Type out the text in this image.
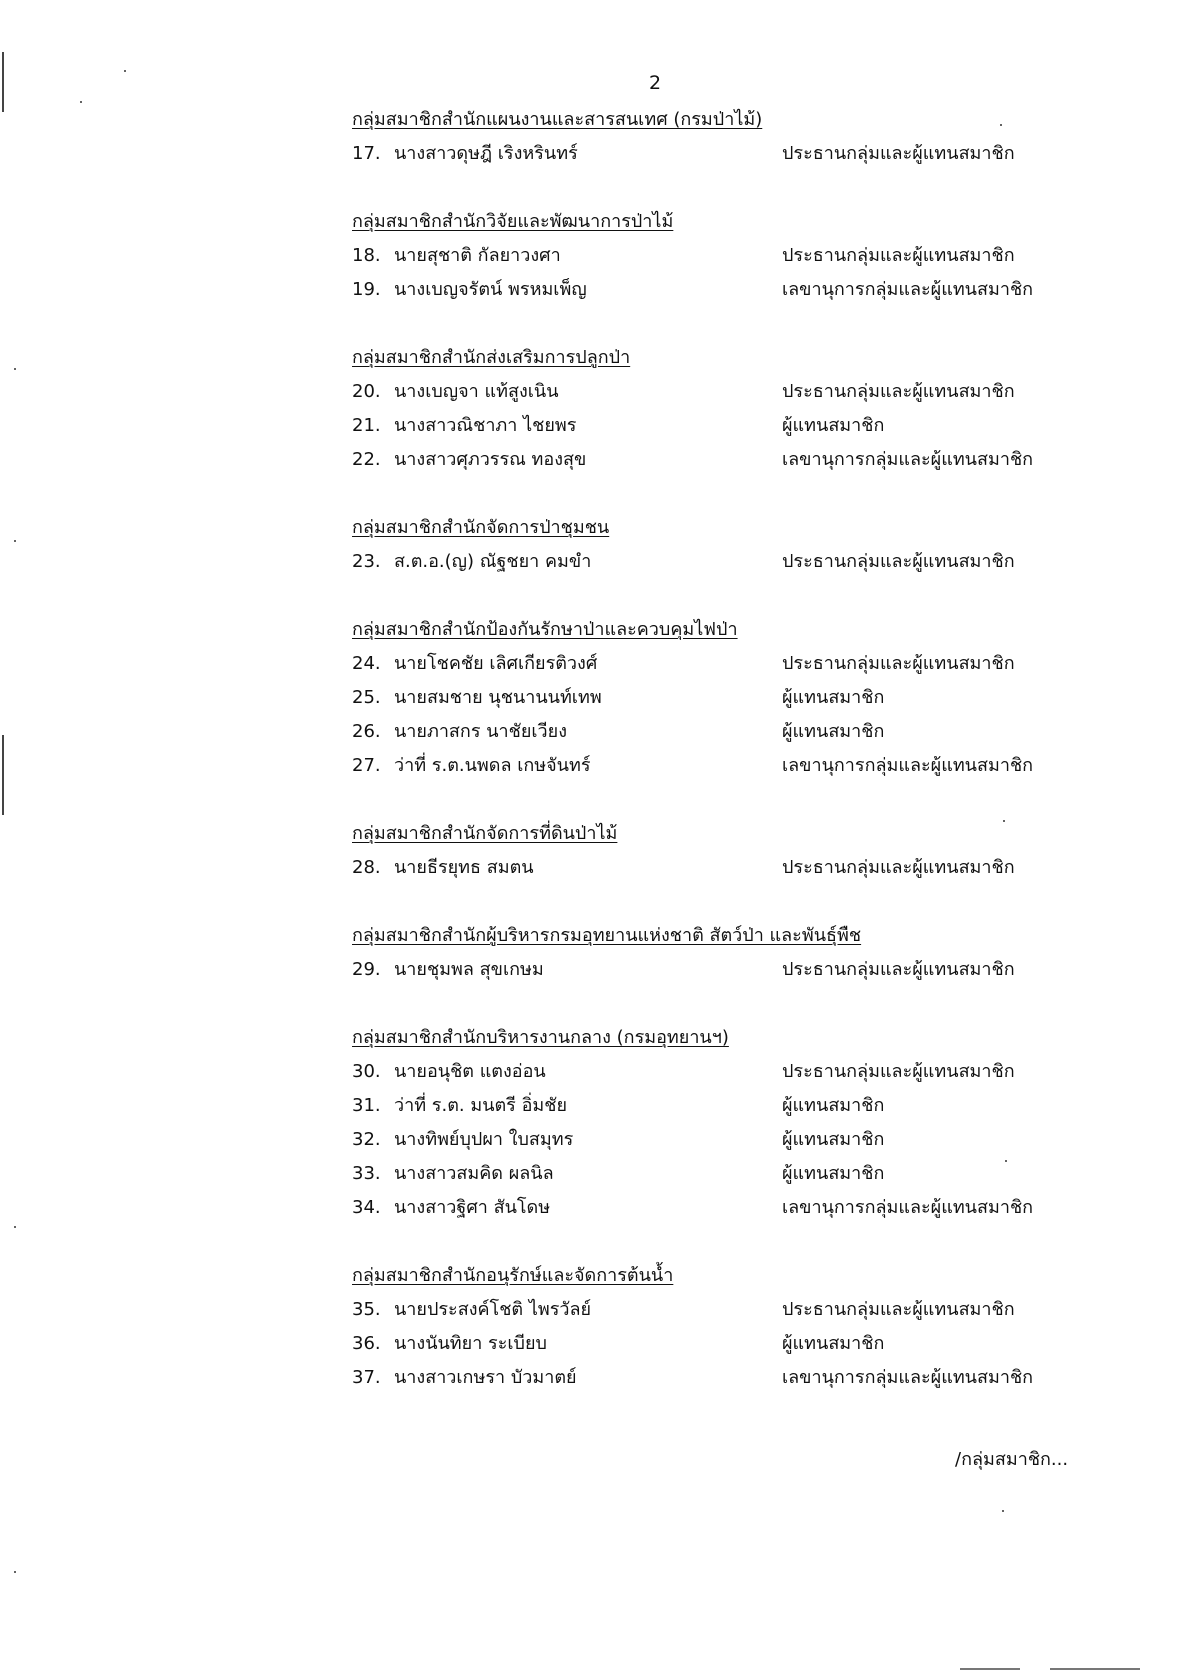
2
กลุ่มสมาชิกสำนักแผนงานและสารสนเทศ (กรมป่าไม้)
17. นางสาวดุษฎี เริงหรินทร์	ประธานกลุ่มและผู้แทนสมาชิก
กลุ่มสมาชิกสำนักวิจัยและพัฒนาการป่าไม้
18. นายสุชาติ กัลยาวงศา	ประธานกลุ่มและผู้แทนสมาชิก
19. นางเบญจรัตน์ พรหมเพ็ญ	เลขานุการกลุ่มและผู้แทนสมาชิก
กลุ่มสมาชิกสำนักส่งเสริมการปลูกป่า
20. นางเบญจา แท้สูงเนิน	ประธานกลุ่มและผู้แทนสมาชิก
21. นางสาวณิชาภา ไชยพร	ผู้แทนสมาชิก
22. นางสาวศุภวรรณ ทองสุข	เลขานุการกลุ่มและผู้แทนสมาชิก
กลุ่มสมาชิกสำนักจัดการป่าชุมชน
23. ส.ต.อ.(ญ) ณัฐชยา คมขำ	ประธานกลุ่มและผู้แทนสมาชิก
กลุ่มสมาชิกสำนักป้องกันรักษาป่าและควบคุมไฟป่า
24. นายโชคชัย เลิศเกียรติวงศ์	ประธานกลุ่มและผู้แทนสมาชิก
25. นายสมชาย นุชนานนท์เทพ	ผู้แทนสมาชิก
26. นายภาสกร นาชัยเวียง	ผู้แทนสมาชิก
27. ว่าที่ ร.ต.นพดล เกษจันทร์	เลขานุการกลุ่มและผู้แทนสมาชิก
กลุ่มสมาชิกสำนักจัดการที่ดินป่าไม้
28. นายธีรยุทธ สมตน	ประธานกลุ่มและผู้แทนสมาชิก
กลุ่มสมาชิกสำนักผู้บริหารกรมอุทยานแห่งชาติ สัตว์ป่า และพันธุ์พืช
29. นายชุมพล สุขเกษม	ประธานกลุ่มและผู้แทนสมาชิก
กลุ่มสมาชิกสำนักบริหารงานกลาง (กรมอุทยานฯ)
30. นายอนุชิต แตงอ่อน	ประธานกลุ่มและผู้แทนสมาชิก
31. ว่าที่ ร.ต. มนตรี อิ่มชัย	ผู้แทนสมาชิก
32. นางทิพย์บุปผา ใบสมุทร	ผู้แทนสมาชิก
33. นางสาวสมคิด ผลนิล	ผู้แทนสมาชิก
34. นางสาวฐิศา สันโดษ	เลขานุการกลุ่มและผู้แทนสมาชิก
กลุ่มสมาชิกสำนักอนุรักษ์และจัดการต้นน้ำ
35. นายประสงค์โชติ ไพรวัลย์	ประธานกลุ่มและผู้แทนสมาชิก
36. นางนันทิยา ระเบียบ	ผู้แทนสมาชิก
37. นางสาวเกษรา บัวมาตย์	เลขานุการกลุ่มและผู้แทนสมาชิก
/กลุ่มสมาชิก...
